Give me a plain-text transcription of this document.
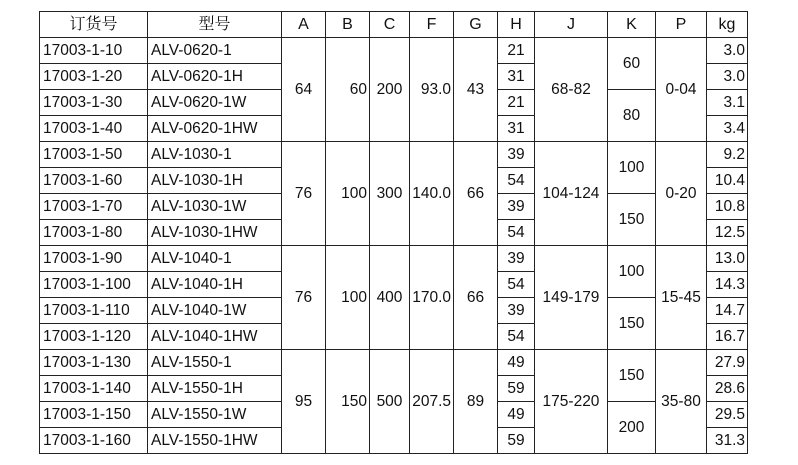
订货号	型号	A	B	C	F	G	H	J	K	P	kg
17003-1-10	ALV-0620-1	64	60	200	93.0	43	21	68-82	60	0-04	3.0
17003-1-20	ALV-0620-1H						31				3.0
17003-1-30	ALV-0620-1W						21		80		3.1
17003-1-40	ALV-0620-1HW						31				3.4
17003-1-50	ALV-1030-1	76	100	300	140.0	66	39	104-124	100	0-20	9.2
17003-1-60	ALV-1030-1H						54				10.4
17003-1-70	ALV-1030-1W						39		150		10.8
17003-1-80	ALV-1030-1HW						54				12.5
17003-1-90	ALV-1040-1	76	100	400	170.0	66	39	149-179	100	15-45	13.0
17003-1-100	ALV-1040-1H						54				14.3
17003-1-110	ALV-1040-1W						39		150		14.7
17003-1-120	ALV-1040-1HW						54				16.7
17003-1-130	ALV-1550-1	95	150	500	207.5	89	49	175-220	150	35-80	27.9
17003-1-140	ALV-1550-1H						59				28.6
17003-1-150	ALV-1550-1W						49		200		29.5
17003-1-160	ALV-1550-1HW						59				31.3
